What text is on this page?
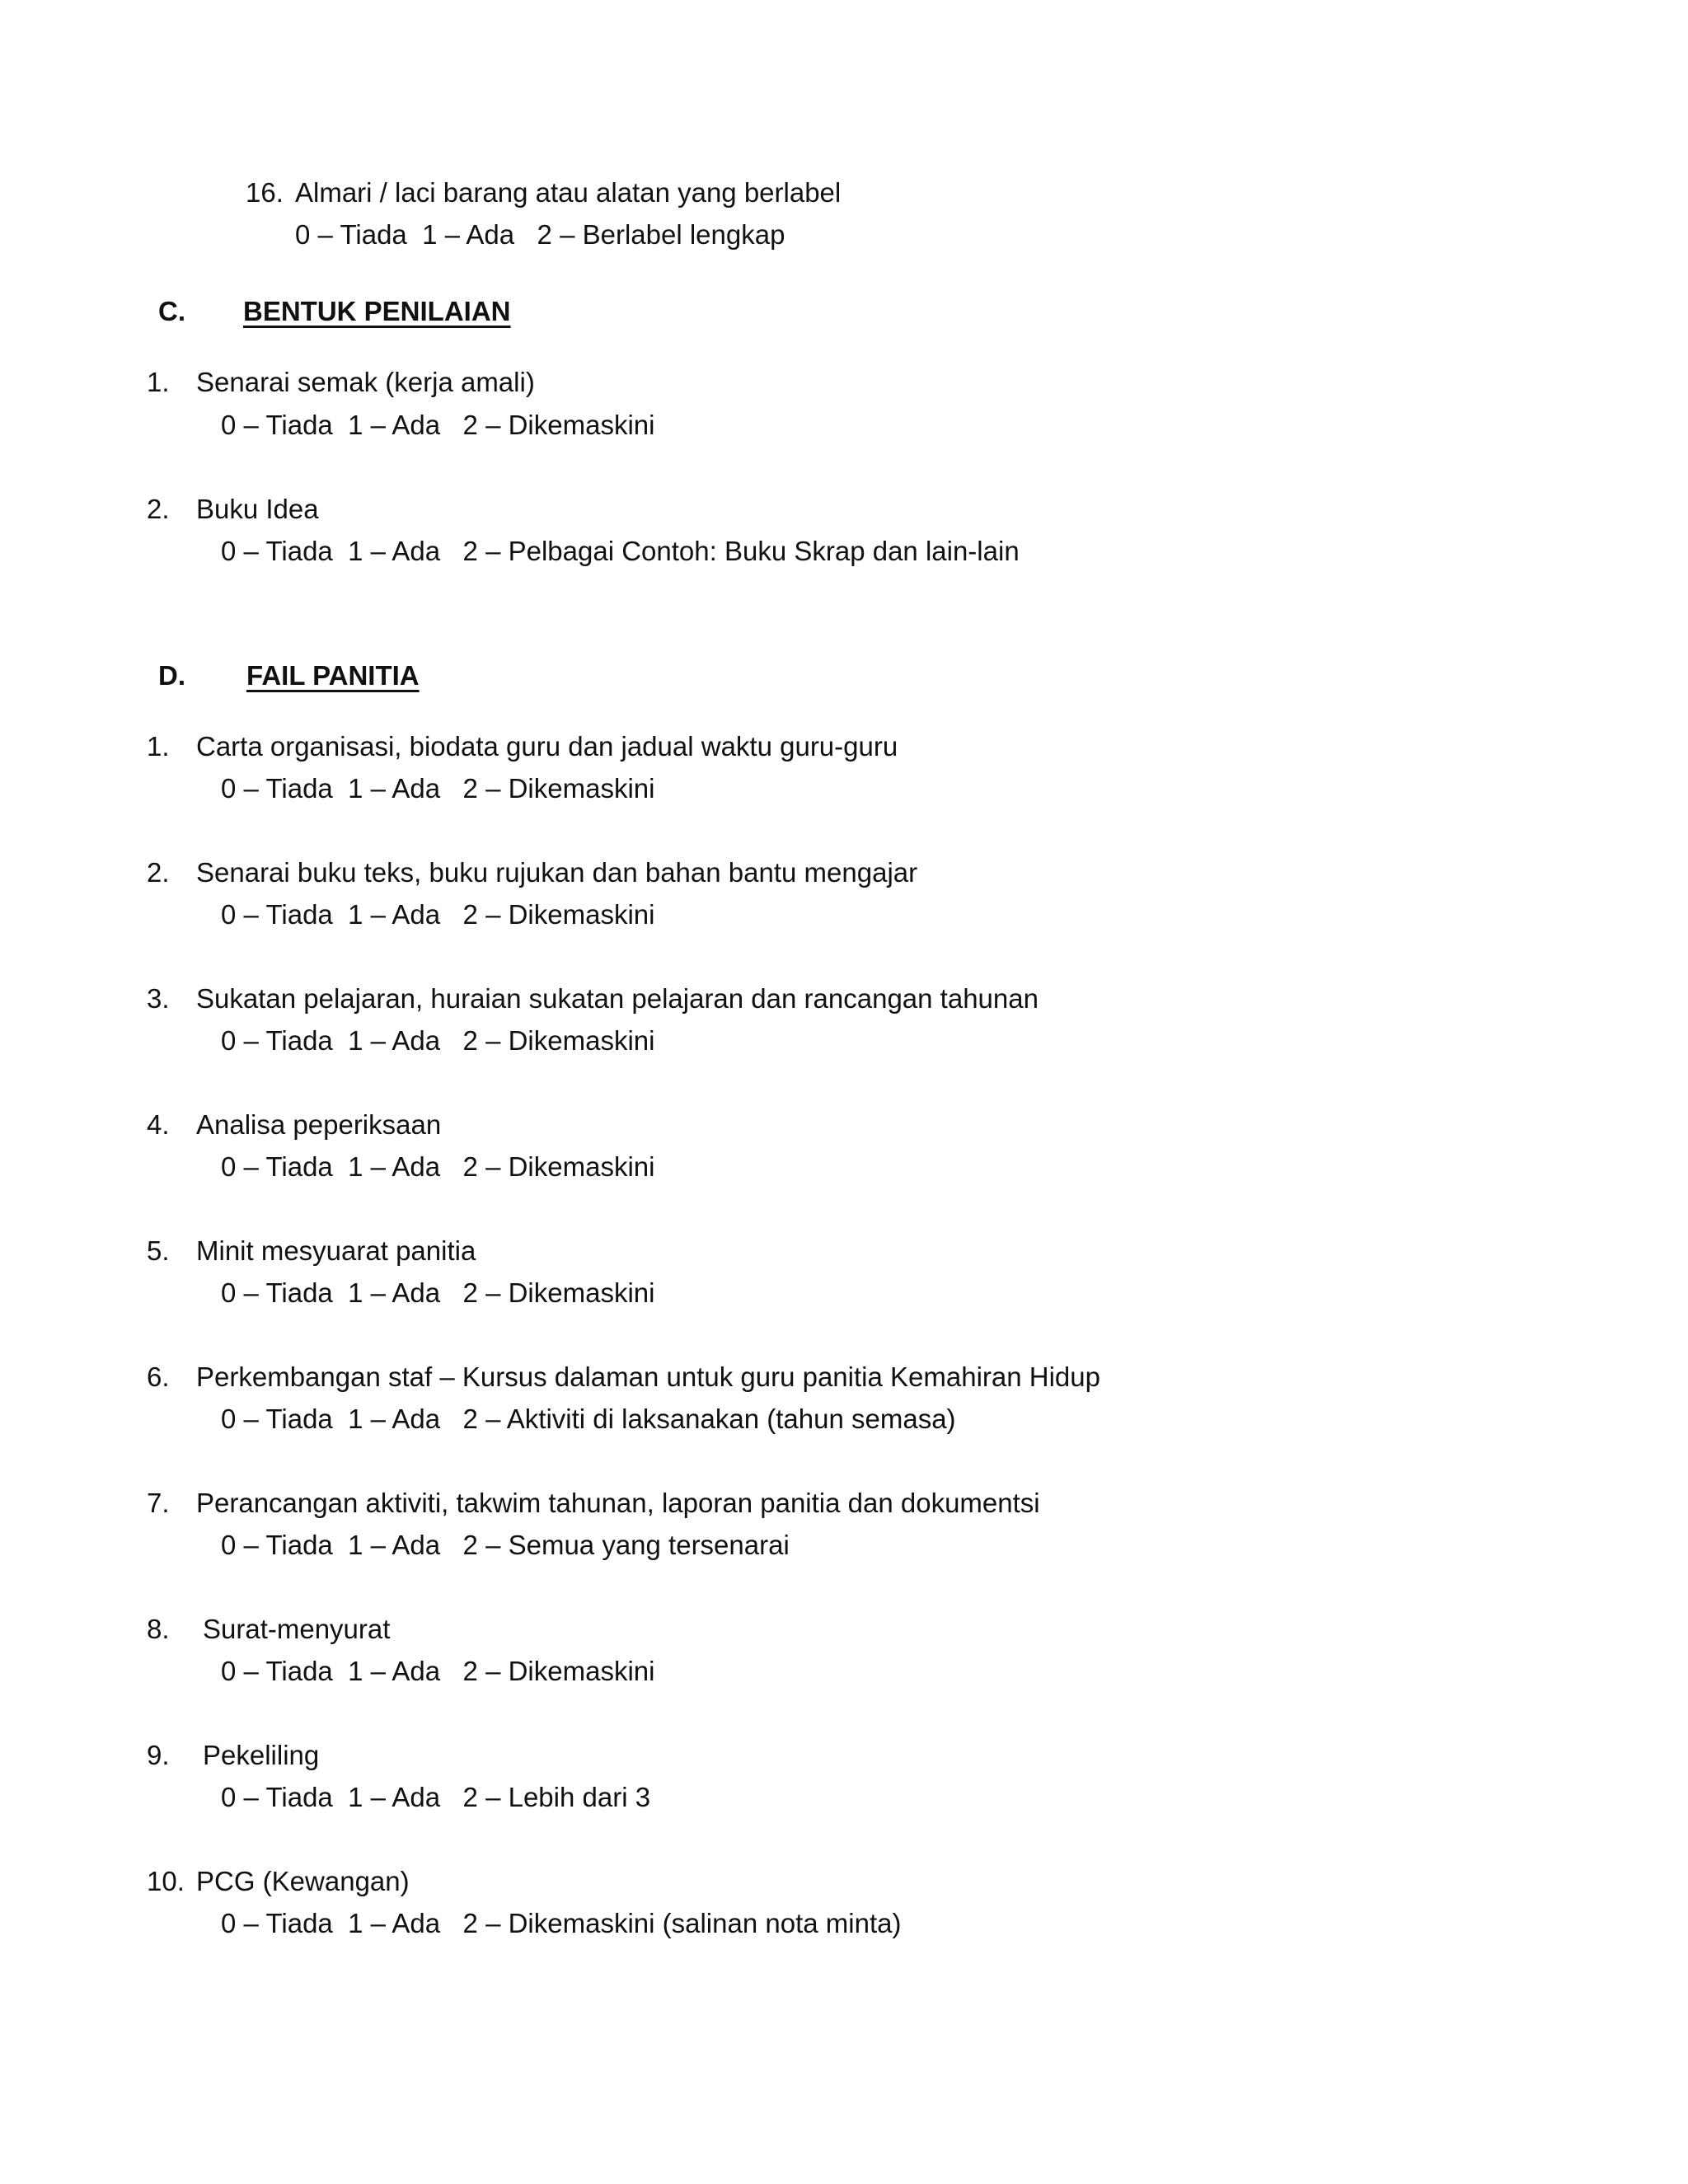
16.

Almari / laci barang atau alatan yang berlabel

0 – Tiada  1 – Ada   2 – Berlabel lengkap

C.

BENTUK PENILAIAN

1.

Senarai semak (kerja amali)

0 – Tiada  1 – Ada   2 – Dikemaskini

2.

Buku Idea

0 – Tiada  1 – Ada   2 – Pelbagai Contoh: Buku Skrap dan lain-lain

D.

FAIL PANITIA

1.

Carta organisasi, biodata guru dan jadual waktu guru-guru

0 – Tiada  1 – Ada   2 – Dikemaskini

2.

Senarai buku teks, buku rujukan dan bahan bantu mengajar

0 – Tiada  1 – Ada   2 – Dikemaskini

3.

Sukatan pelajaran, huraian sukatan pelajaran dan rancangan tahunan

0 – Tiada  1 – Ada   2 – Dikemaskini

4.

Analisa peperiksaan

0 – Tiada  1 – Ada   2 – Dikemaskini

5.

Minit mesyuarat panitia

0 – Tiada  1 – Ada   2 – Dikemaskini

6.

Perkembangan staf – Kursus dalaman untuk guru panitia Kemahiran Hidup

0 – Tiada  1 – Ada   2 – Aktiviti di laksanakan (tahun semasa)

7.

Perancangan aktiviti, takwim tahunan, laporan panitia dan dokumentsi

0 – Tiada  1 – Ada   2 – Semua yang tersenarai

8.

Surat-menyurat

0 – Tiada  1 – Ada   2 – Dikemaskini

9.

Pekeliling

0 – Tiada  1 – Ada   2 – Lebih dari 3

10.

PCG (Kewangan)

0 – Tiada  1 – Ada   2 – Dikemaskini (salinan nota minta)
